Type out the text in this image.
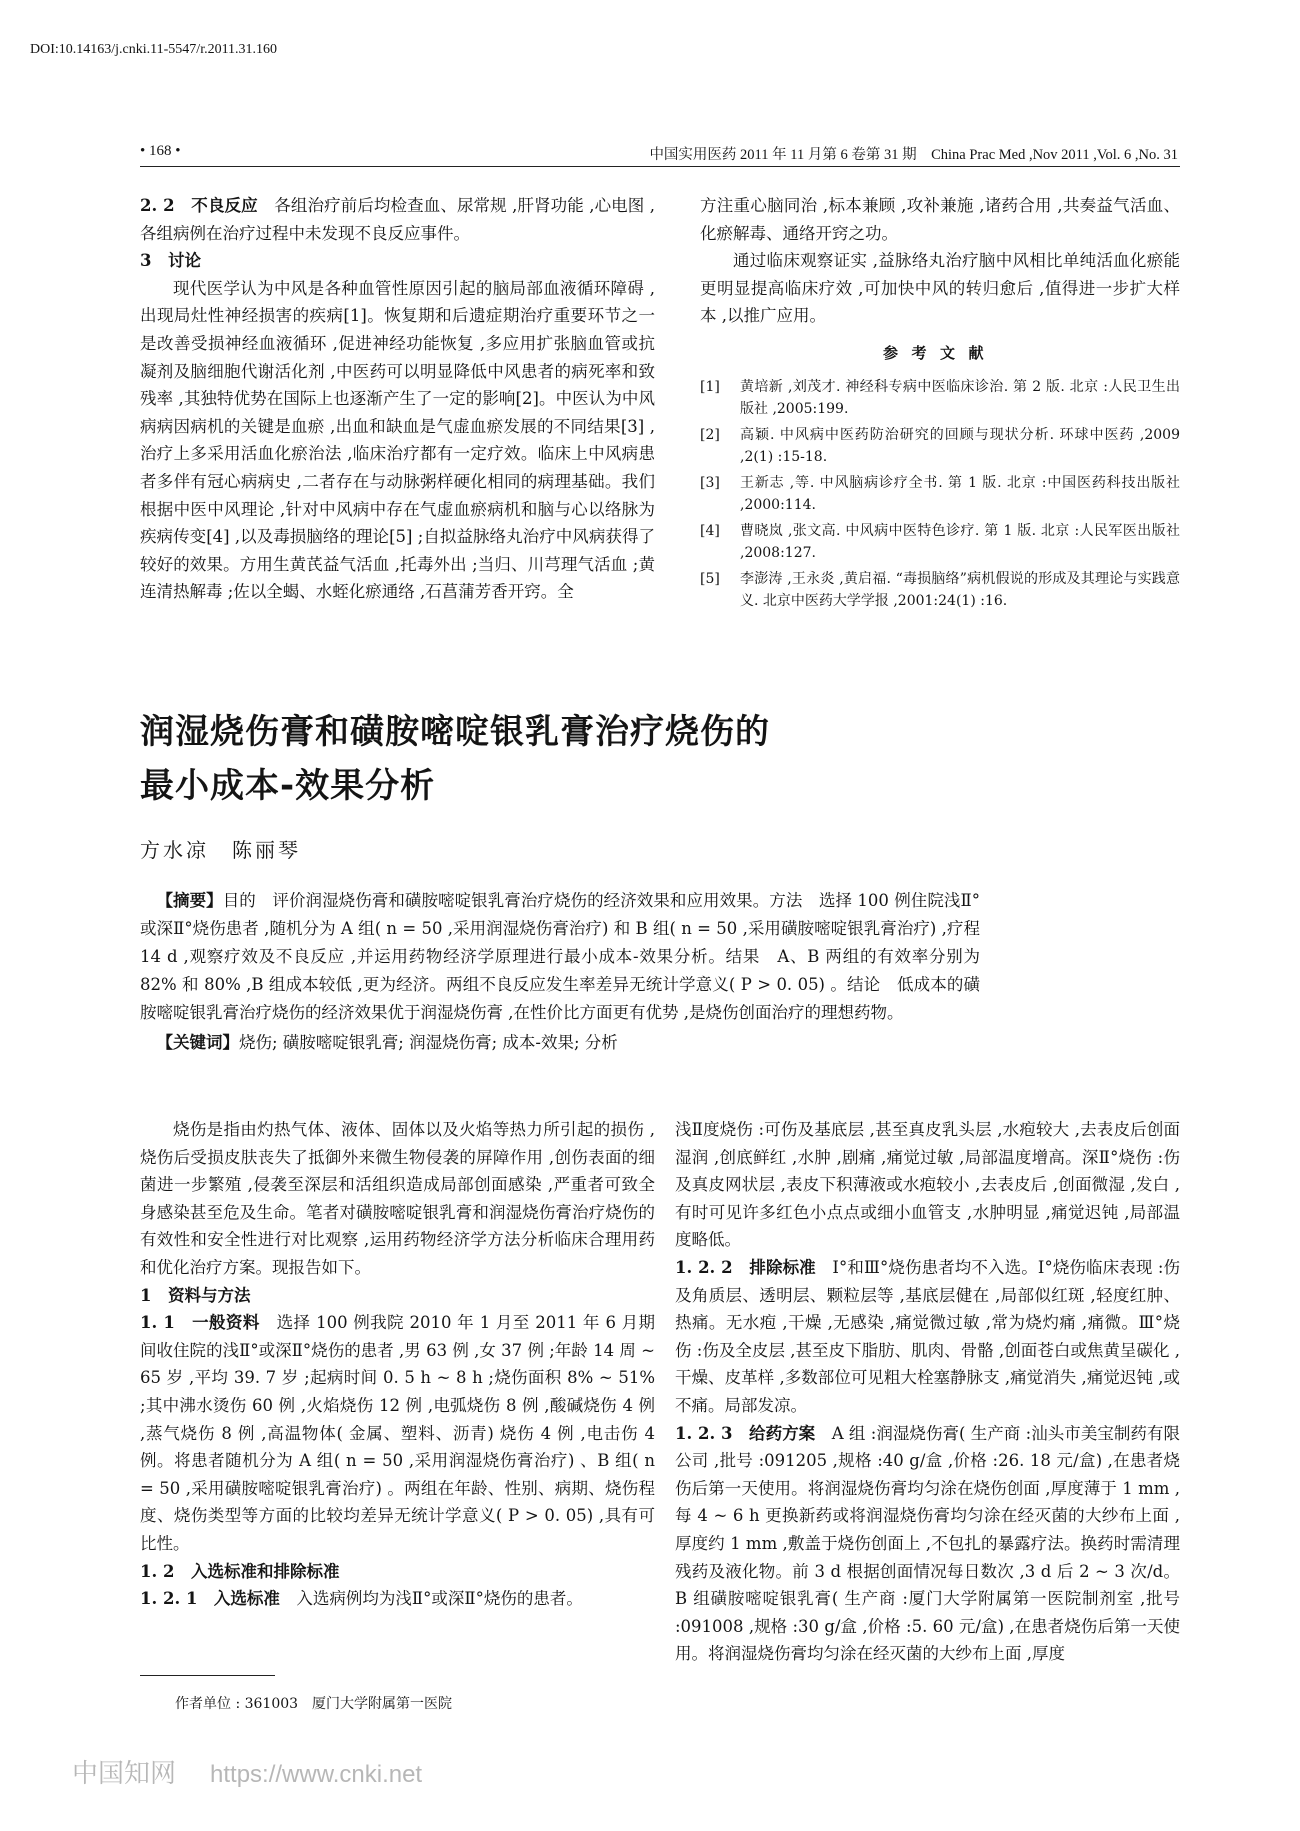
DOI:10.14163/j.cnki.11-5547/r.2011.31.160
• 168 •	中国实用医药 2011 年 11 月第 6 卷第 31 期　China Prac Med ,Nov 2011 ,Vol. 6 ,No. 31

2. 2　不良反应　各组治疗前后均检查血、尿常规 ,肝肾功能 ,心电图 ,各组病例在治疗过程中未发现不良反应事件。

3　讨论

现代医学认为中风是各种血管性原因引起的脑局部血液循环障碍 ,出现局灶性神经损害的疾病[1]。恢复期和后遗症期治疗重要环节之一是改善受损神经血液循环 ,促进神经功能恢复 ,多应用扩张脑血管或抗凝剂及脑细胞代谢活化剂 ,中医药可以明显降低中风患者的病死率和致残率 ,其独特优势在国际上也逐渐产生了一定的影响[2]。中医认为中风病病因病机的关键是血瘀 ,出血和缺血是气虚血瘀发展的不同结果[3] ,治疗上多采用活血化瘀治法 ,临床治疗都有一定疗效。临床上中风病患者多伴有冠心病病史 ,二者存在与动脉粥样硬化相同的病理基础。我们根据中医中风理论 ,针对中风病中存在气虚血瘀病机和脑与心以络脉为疾病传变[4] ,以及毒损脑络的理论[5] ;自拟益脉络丸治疗中风病获得了较好的效果。方用生黄芪益气活血 ,托毒外出 ;当归、川芎理气活血 ;黄连清热解毒 ;佐以全蝎、水蛭化瘀通络 ,石菖蒲芳香开窍。全

方注重心脑同治 ,标本兼顾 ,攻补兼施 ,诸药合用 ,共奏益气活血、化瘀解毒、通络开窍之功。

通过临床观察证实 ,益脉络丸治疗脑中风相比单纯活血化瘀能更明显提高临床疗效 ,可加快中风的转归愈后 ,值得进一步扩大样本 ,以推广应用。

参考文献
[1]	黄培新 ,刘茂才. 神经科专病中医临床诊治. 第 2 版. 北京 :人民卫生出版社 ,2005:199.
[2]	高颖. 中风病中医药防治研究的回顾与现状分析. 环球中医药 ,2009 ,2(1) :15-18.
[3]	王新志 ,等. 中风脑病诊疗全书. 第 1 版. 北京 :中国医药科技出版社 ,2000:114.
[4]	曹晓岚 ,张文高. 中风病中医特色诊疗. 第 1 版. 北京 :人民军医出版社 ,2008:127.
[5]	李澎涛 ,王永炎 ,黄启福. “毒损脑络”病机假说的形成及其理论与实践意义. 北京中医药大学学报 ,2001:24(1) :16.
润湿烧伤膏和磺胺嘧啶银乳膏治疗烧伤的
最小成本-效果分析
方水凉　陈丽琴
【摘要】目的　评价润湿烧伤膏和磺胺嘧啶银乳膏治疗烧伤的经济效果和应用效果。方法　选择 100 例住院浅Ⅱ°或深Ⅱ°烧伤患者 ,随机分为 A 组( n = 50 ,采用润湿烧伤膏治疗) 和 B 组( n = 50 ,采用磺胺嘧啶银乳膏治疗) ,疗程 14 d ,观察疗效及不良反应 ,并运用药物经济学原理进行最小成本-效果分析。结果　A、B 两组的有效率分别为 82% 和 80% ,B 组成本较低 ,更为经济。两组不良反应发生率差异无统计学意义( P > 0. 05) 。结论　低成本的磺胺嘧啶银乳膏治疗烧伤的经济效果优于润湿烧伤膏 ,在性价比方面更有优势 ,是烧伤创面治疗的理想药物。
【关键词】烧伤; 磺胺嘧啶银乳膏; 润湿烧伤膏; 成本-效果; 分析

烧伤是指由灼热气体、液体、固体以及火焰等热力所引起的损伤 ,烧伤后受损皮肤丧失了抵御外来微生物侵袭的屏障作用 ,创伤表面的细菌进一步繁殖 ,侵袭至深层和活组织造成局部创面感染 ,严重者可致全身感染甚至危及生命。笔者对磺胺嘧啶银乳膏和润湿烧伤膏治疗烧伤的有效性和安全性进行对比观察 ,运用药物经济学方法分析临床合理用药和优化治疗方案。现报告如下。

1　资料与方法

1. 1　一般资料　选择 100 例我院 2010 年 1 月至 2011 年 6 月期间收住院的浅Ⅱ°或深Ⅱ°烧伤的患者 ,男 63 例 ,女 37 例 ;年龄 14 周 ~ 65 岁 ,平均 39. 7 岁 ;起病时间 0. 5 h ~ 8 h ;烧伤面积 8% ~ 51% ;其中沸水烫伤 60 例 ,火焰烧伤 12 例 ,电弧烧伤 8 例 ,酸碱烧伤 4 例 ,蒸气烧伤 8 例 ,高温物体( 金属、塑料、沥青) 烧伤 4 例 ,电击伤 4 例。将患者随机分为 A 组( n = 50 ,采用润湿烧伤膏治疗) 、B 组( n = 50 ,采用磺胺嘧啶银乳膏治疗) 。两组在年龄、性别、病期、烧伤程度、烧伤类型等方面的比较均差异无统计学意义( P > 0. 05) ,具有可比性。

1. 2　入选标准和排除标准

1. 2. 1　入选标准　入选病例均为浅Ⅱ°或深Ⅱ°烧伤的患者。

浅Ⅱ度烧伤 :可伤及基底层 ,甚至真皮乳头层 ,水疱较大 ,去表皮后创面湿润 ,创底鲜红 ,水肿 ,剧痛 ,痛觉过敏 ,局部温度增高。深Ⅱ°烧伤 :伤及真皮网状层 ,表皮下积薄液或水疱较小 ,去表皮后 ,创面微湿 ,发白 ,有时可见许多红色小点点或细小血管支 ,水肿明显 ,痛觉迟钝 ,局部温度略低。

1. 2. 2　排除标准　Ⅰ°和Ⅲ°烧伤患者均不入选。Ⅰ°烧伤临床表现 :伤及角质层、透明层、颗粒层等 ,基底层健在 ,局部似红斑 ,轻度红肿、热痛。无水疱 ,干燥 ,无感染 ,痛觉微过敏 ,常为烧灼痛 ,痛微。Ⅲ°烧伤 :伤及全皮层 ,甚至皮下脂肪、肌肉、骨骼 ,创面苍白或焦黄呈碳化 ,干燥、皮革样 ,多数部位可见粗大栓塞静脉支 ,痛觉消失 ,痛觉迟钝 ,或不痛。局部发凉。

1. 2. 3　给药方案　A 组 :润湿烧伤膏( 生产商 :汕头市美宝制药有限公司 ,批号 :091205 ,规格 :40 g/盒 ,价格 :26. 18 元/盒) ,在患者烧伤后第一天使用。将润湿烧伤膏均匀涂在烧伤创面 ,厚度薄于 1 mm ,每 4 ~ 6 h 更换新药或将润湿烧伤膏均匀涂在经灭菌的大纱布上面 ,厚度约 1 mm ,敷盖于烧伤创面上 ,不包扎的暴露疗法。换药时需清理残药及液化物。前 3 d 根据创面情况每日数次 ,3 d 后 2 ~ 3 次/d。B 组磺胺嘧啶银乳膏( 生产商 :厦门大学附属第一医院制剂室 ,批号 :091008 ,规格 :30 g/盒 ,价格 :5. 60 元/盒) ,在患者烧伤后第一天使用。将润湿烧伤膏均匀涂在经灭菌的大纱布上面 ,厚度

作者单位 : 361003　厦门大学附属第一医院
中国知网 https://www.cnki.net
